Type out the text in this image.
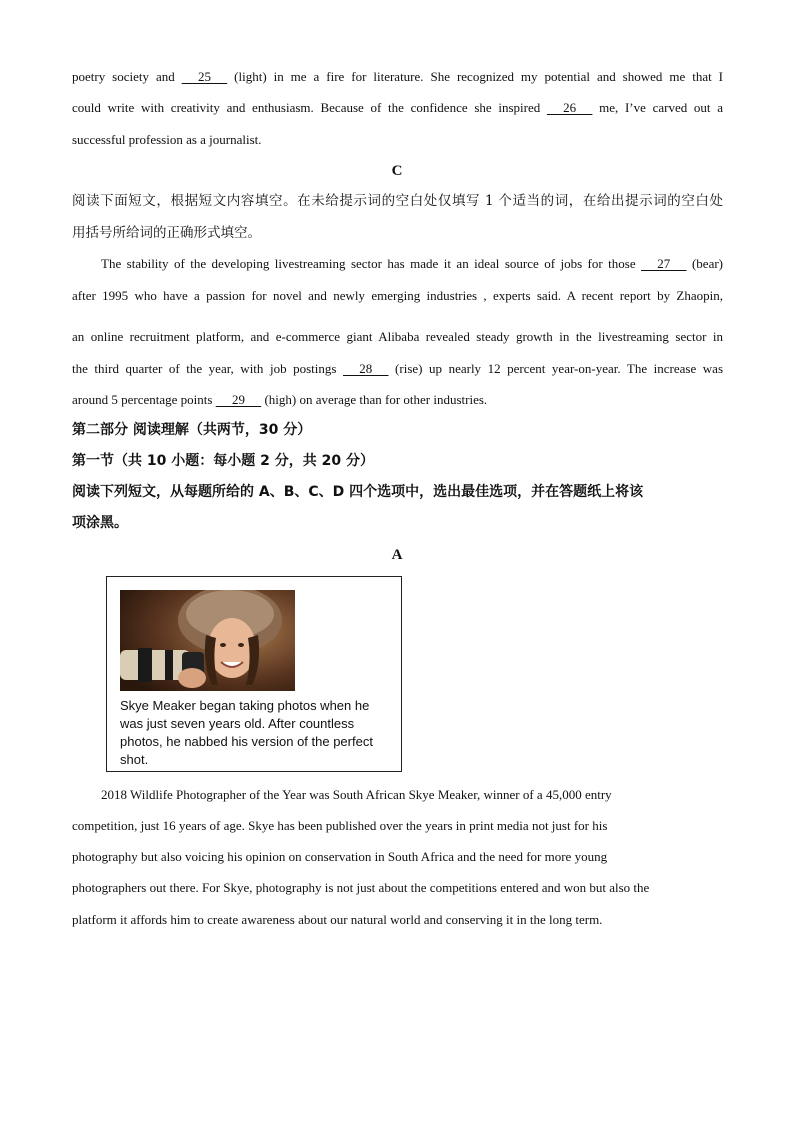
poetry society and      25      (light) in me a fire for literature. She recognized my potential and showed me that I
could write with creativity and enthusiasm. Because of the confidence she inspired      26      me, I’ve carved out a
successful profession as a journalist.
C
阅读下面短文，根据短文内容填空。在未给提示词的空白处仅填写 1 个适当的词，在给出提示词的空白处
用括号所给词的正确形式填空。
The stability of the developing livestreaming sector has made it an ideal source of jobs for those      27      (bear)
after 1995 who have a passion for novel and newly emerging industries , experts said. A recent report by Zhaopin,
an online recruitment platform, and e-commerce giant Alibaba revealed steady growth in the livestreaming sector in
the third quarter of the year, with job postings      28      (rise) up nearly 12 percent year-on-year. The increase was
around 5 percentage points      29      (high) on average than for other industries.
第二部分 阅读理解（共两节，30 分）
第一节（共 10 小题：每小题 2 分，共 20 分）
阅读下列短文，从每题所给的 A、B、C、D 四个选项中，选出最佳选项，并在答题纸上将该
项涂黑。
A
Skye Meaker began taking photos when he
was just seven years old. After countless
photos, he nabbed his version of the perfect
shot.
2018 Wildlife Photographer of the Year was South African Skye Meaker, winner of a 45,000 entry
competition, just 16 years of age. Skye has been published over the years in print media not just for his
photography but also voicing his opinion on conservation in South Africa and the need for more young
photographers out there. For Skye, photography is not just about the competitions entered and won but also the
platform it affords him to create awareness about our natural world and conserving it in the long term.
